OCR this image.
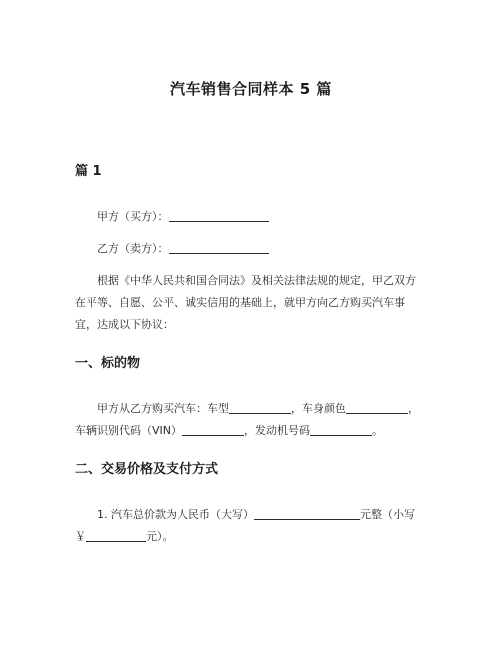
汽车销售合同样本 5 篇
篇 1
甲方（买方）：
乙方（卖方）：
根据《中华人民共和国合同法》及相关法律法规的规定，甲乙双方
在平等、自愿、公平、诚实信用的基础上，就甲方向乙方购买汽车事
宜，达成以下协议：
一、标的物
甲方从乙方购买汽车：车型	，车身颜色	，
车辆识别代码（VIN）	，发动机号码	。
二、交易价格及支付方式
1. 汽车总价款为人民币（大写）	元整（小写
￥	元）。
